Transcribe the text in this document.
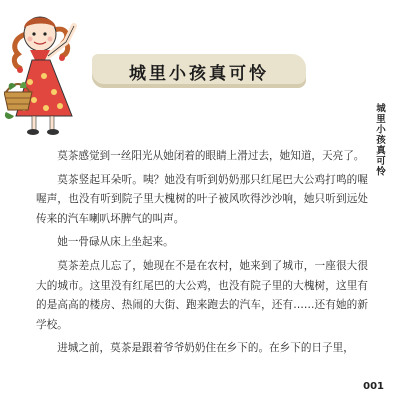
城里小孩真可怜
城里小孩真可怜

莫茶感觉到一丝阳光从她闭着的眼睛上滑过去，她知道，天亮了。

莫茶竖起耳朵听。咦？她没有听到奶奶那只红尾巴大公鸡打鸣的喔喔声，也没有听到院子里大槐树的叶子被风吹得沙沙响，她只听到远处传来的汽车喇叭坏脾气的叫声。

她一骨碌从床上坐起来。

莫茶差点儿忘了，她现在不是在农村，她来到了城市，一座很大很大的城市。这里没有红尾巴的大公鸡，也没有院子里的大槐树，这里有的是高高的楼房、热闹的大街、跑来跑去的汽车，还有……还有她的新学校。

进城之前，莫茶是跟着爷爷奶奶住在乡下的。在乡下的日子里，

001
